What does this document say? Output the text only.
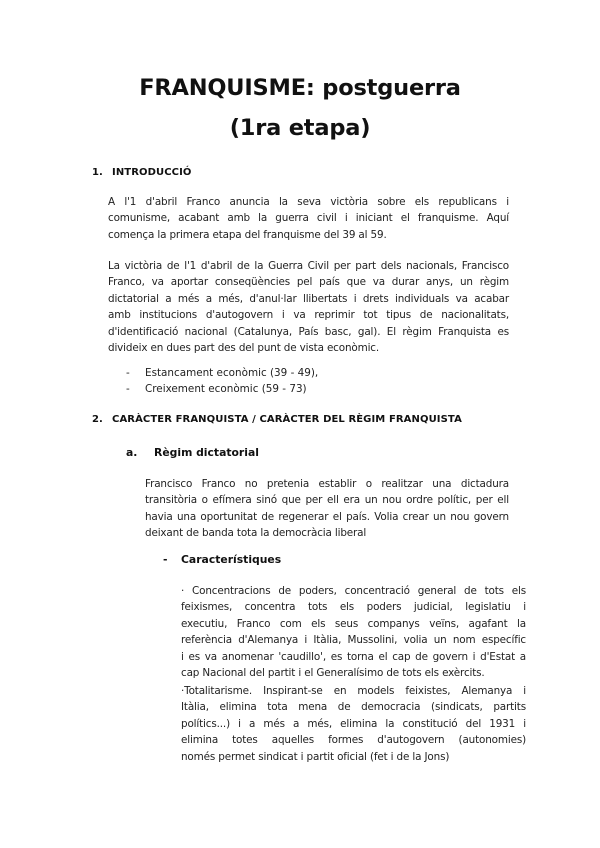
FRANQUISME: postguerra
(1ra etapa)
1. INTRODUCCIÓ
A l'1 d'abril Franco anuncia la seva victòria sobre els republicans i
comunisme, acabant amb la guerra civil i iniciant el franquisme. Aquí
comença la primera etapa del franquisme del 39 al 59.
La victòria de l'1 d'abril de la Guerra Civil per part dels nacionals, Francisco
Franco, va aportar conseqüències pel país que va durar anys, un règim
dictatorial a més a més, d'anul·lar llibertats i drets individuals va acabar
amb institucions d'autogovern i va reprimir tot tipus de nacionalitats,
d'identificació nacional (Catalunya, País basc, gal). El règim Franquista es
divideix en dues part des del punt de vista econòmic.
- Estancament econòmic (39 - 49),
- Creixement econòmic (59 - 73)
2. CARÀCTER FRANQUISTA / CARÀCTER DEL RÈGIM FRANQUISTA
a. Règim dictatorial
Francisco Franco no pretenia establir o realitzar una dictadura
transitòria o efímera sinó que per ell era un nou ordre polític, per ell
havia una oportunitat de regenerar el país. Volia crear un nou govern
deixant de banda tota la democràcia liberal
- Característiques
· Concentracions de poders, concentració general de tots els
feixismes, concentra tots els poders judicial, legislatiu i
executiu, Franco com els seus companys veïns, agafant la
referència d'Alemanya i Itàlia, Mussolini, volia un nom específic
i es va anomenar 'caudillo', es torna el cap de govern i d'Estat a
cap Nacional del partit i el Generalísimo de tots els exèrcits.
·Totalitarisme. Inspirant-se en models feixistes, Alemanya i
Itàlia, elimina tota mena de democracia (sindicats, partits
polítics...) i a més a més, elimina la constitució del 1931 i
elimina totes aquelles formes d'autogovern (autonomies)
només permet sindicat i partit oficial (fet i de la Jons)
